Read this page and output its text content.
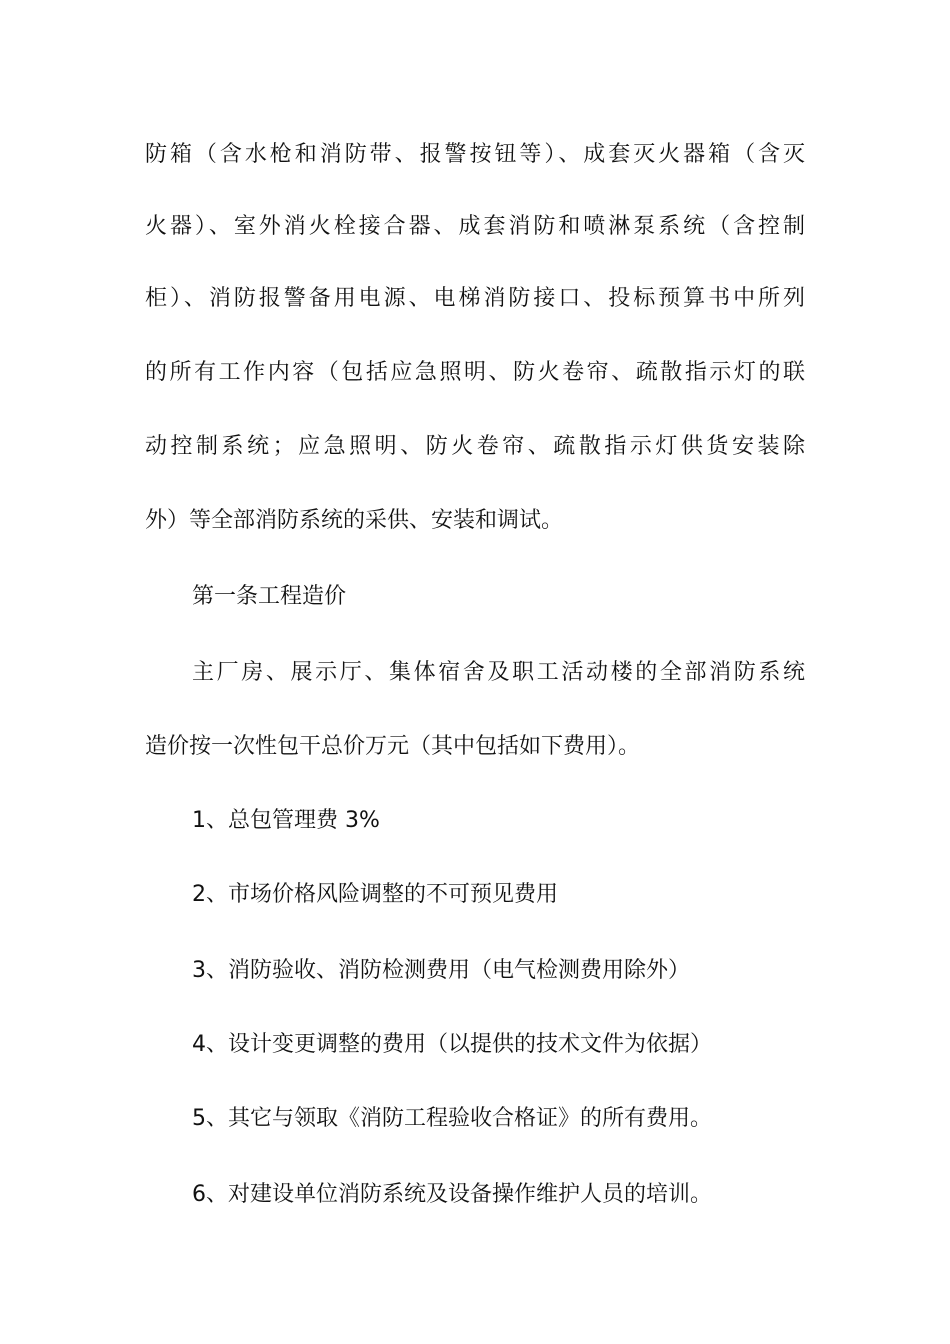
防箱（含水枪和消防带、报警按钮等）、成套灭火器箱（含灭
火器）、室外消火栓接合器、成套消防和喷淋泵系统（含控制
柜）、消防报警备用电源、电梯消防接口、投标预算书中所列
的所有工作内容（包括应急照明、防火卷帘、疏散指示灯的联
动控制系统；应急照明、防火卷帘、疏散指示灯供货安装除
外）等全部消防系统的采供、安装和调试。
第一条工程造价
主厂房、展示厅、集体宿舍及职工活动楼的全部消防系统
造价按一次性包干总价万元（其中包括如下费用）。
1、总包管理费 3%
2、市场价格风险调整的不可预见费用
3、消防验收、消防检测费用（电气检测费用除外）
4、设计变更调整的费用（以提供的技术文件为依据）
5、其它与领取《消防工程验收合格证》的所有费用。
6、对建设单位消防系统及设备操作维护人员的培训。
